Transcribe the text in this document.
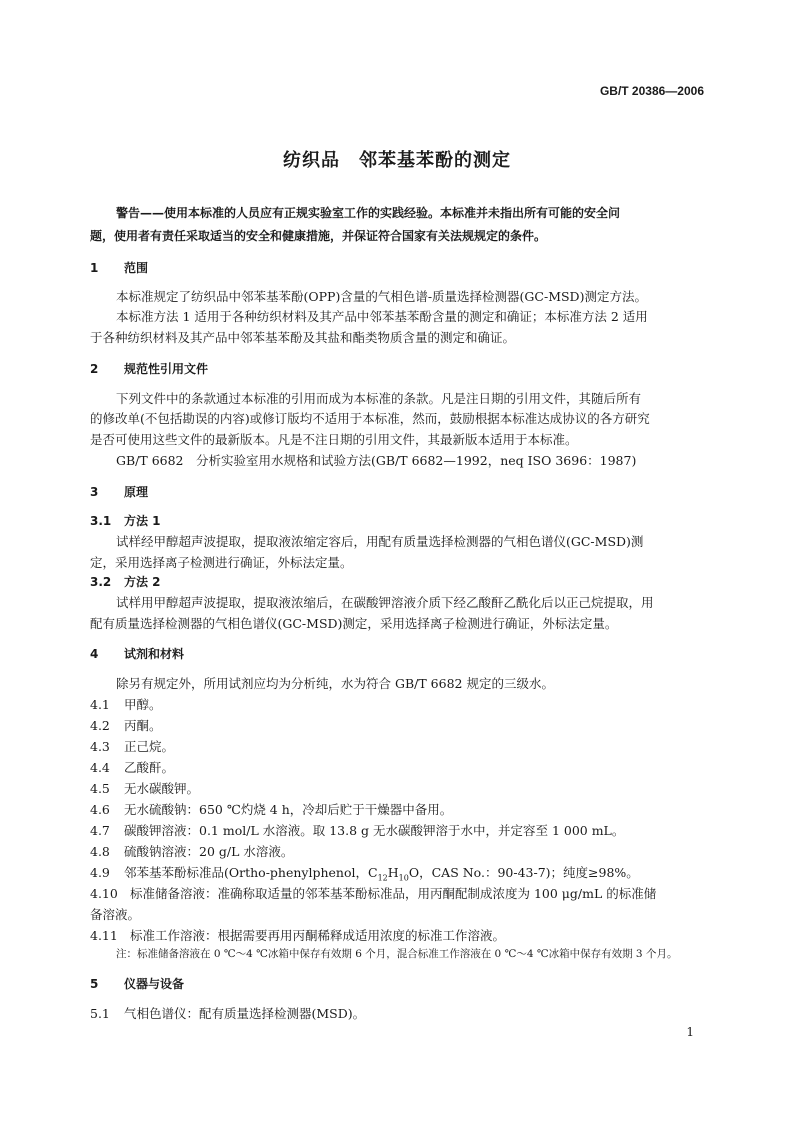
GB/T 20386—2006
纺织品　邻苯基苯酚的测定
警告——使用本标准的人员应有正规实验室工作的实践经验。本标准并未指出所有可能的安全问
题，使用者有责任采取适当的安全和健康措施，并保证符合国家有关法规规定的条件。
1 范围
本标准规定了纺织品中邻苯基苯酚(OPP)含量的气相色谱-质量选择检测器(GC-MSD)测定方法。
本标准方法 1 适用于各种纺织材料及其产品中邻苯基苯酚含量的测定和确证；本标准方法 2 适用
于各种纺织材料及其产品中邻苯基苯酚及其盐和酯类物质含量的测定和确证。
2 规范性引用文件
下列文件中的条款通过本标准的引用而成为本标准的条款。凡是注日期的引用文件，其随后所有
的修改单(不包括勘误的内容)或修订版均不适用于本标准，然而，鼓励根据本标准达成协议的各方研究
是否可使用这些文件的最新版本。凡是不注日期的引用文件，其最新版本适用于本标准。
GB/T 6682　分析实验室用水规格和试验方法(GB/T 6682—1992，neq ISO 3696：1987)
3 原理
3.1 方法 1
试样经甲醇超声波提取，提取液浓缩定容后，用配有质量选择检测器的气相色谱仪(GC-MSD)测
定，采用选择离子检测进行确证，外标法定量。
3.2 方法 2
试样用甲醇超声波提取，提取液浓缩后，在碳酸钾溶液介质下经乙酸酐乙酰化后以正己烷提取，用
配有质量选择检测器的气相色谱仪(GC-MSD)测定，采用选择离子检测进行确证，外标法定量。
4 试剂和材料
除另有规定外，所用试剂应均为分析纯，水为符合 GB/T 6682 规定的三级水。
4.1 甲醇。
4.2 丙酮。
4.3 正己烷。
4.4 乙酸酐。
4.5 无水碳酸钾。
4.6 无水硫酸钠：650 ℃灼烧 4 h，冷却后贮于干燥器中备用。
4.7 碳酸钾溶液：0.1 mol/L 水溶液。取 13.8 g 无水碳酸钾溶于水中，并定容至 1 000 mL。
4.8 硫酸钠溶液：20 g/L 水溶液。
4.9 邻苯基苯酚标准品(Ortho-phenylphenol，$C_{12}H_{10}O$，CAS No.：90-43-7)；纯度≥98%。
4.10 标准储备溶液：准确称取适量的邻苯基苯酚标准品，用丙酮配制成浓度为 100 μg/mL 的标准储
备溶液。
4.11 标准工作溶液：根据需要再用丙酮稀释成适用浓度的标准工作溶液。
注：标准储备溶液在 0 ℃～4 ℃冰箱中保存有效期 6 个月，混合标准工作溶液在 0 ℃～4 ℃冰箱中保存有效期 3 个月。
5 仪器与设备
5.1 气相色谱仪：配有质量选择检测器(MSD)。
1
